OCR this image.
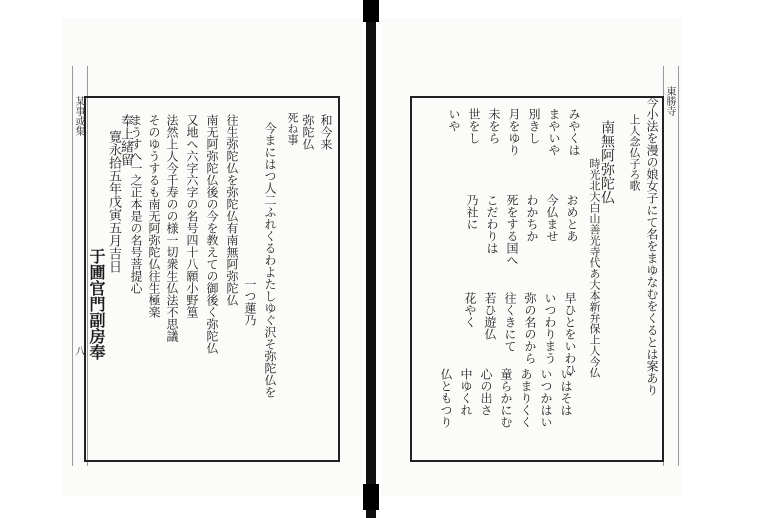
某事或集
八
東勝寺
和今来
弥陀仏
死ね事
今まにはつ人二ふれくるわよたしゆぐ沢そ弥陀仏を
一つ蓮乃
往生弥陀仏を弥陀仏有南無阿弥陀仏
南无阿弥陀仏後の今を教えての御後く弥陀仏
又地へ六字六字の名号四十八願小野篁
法然上人今千寿のの様一切衆生仏法不思議
そのゆうするも南无阿弥陀仏往生極楽
まうすへ一之正本是の名号菩提心
奉上緒留
寛永拾五年戊寅五月吉日
于圃官門副房奉	今小法を漫の娘女子にて名をまゆなむをくるとは案あり
上人念仏子ろ歌
南無阿弥陀仏
時光北大白山善光寺代あ大本新弁保上人今仏
みやくは
まやいや
別きし
月をゆり
未をら
世をし
いや
おめとあ
今仏ませ
わかちか
死をする国へ
こだわりは
乃社に
早ひとをいわひ
いつわりまう
弥の名のから
往くきにて
若ひ遊仏
花やく
いはそは
いつかはい
あまりくく
童らかにむ
心の出さ
中ゆくれ
仏ともつり
